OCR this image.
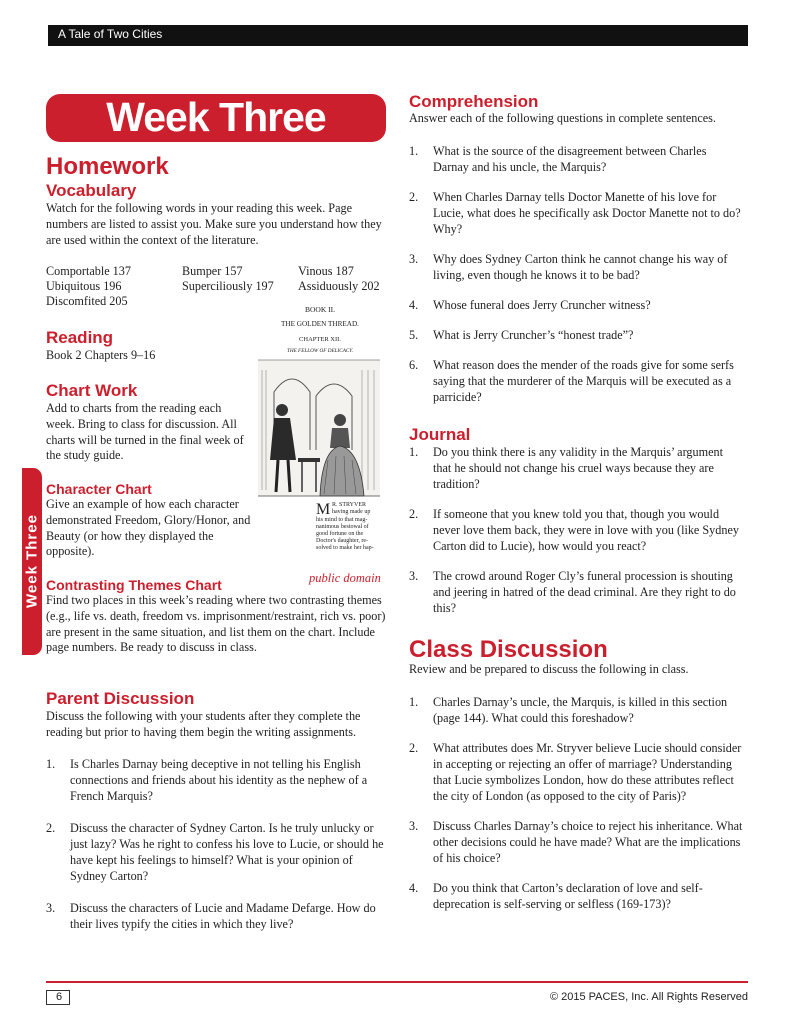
A Tale of Two Cities
Week Three
Week Three
Homework
Vocabulary
Watch for the following words in your reading this week. Page numbers are listed to assist you. Make sure you understand how they are used within the context of the literature.
Comportable 137	Bumper 157	Vinous 187
Ubiquitous 196	Superciliously 197 Assiduously 202
Discomfited 205
Reading
Book 2 Chapters 9–16
Chart Work
Add to charts from the reading each week. Bring to class for discussion. All charts will be turned in the final week of the study guide.
Character Chart
Give an example of how each character demonstrated Freedom, Glory/Honor, and Beauty (or how they displayed the opposite).
Contrasting Themes Chart
Find two places in this week’s reading where two contrasting themes (e.g., life vs. death, freedom vs. imprisonment/restraint, rich vs. poor) are present in the same situation, and list them on the chart. Include page numbers. Be ready to discuss in class.
Parent Discussion
Discuss the following with your students after they complete the reading but prior to having them begin the writing assignments.
1. Is Charles Darnay being deceptive in not telling his English connections and friends about his identity as the nephew of a French Marquis?
2. Discuss the character of Sydney Carton. Is he truly unlucky or just lazy? Was he right to confess his love to Lucie, or should he have kept his feelings to himself? What is your opinion of Sydney Carton?
3. Discuss the characters of Lucie and Madame Defarge. How do their lives typify the cities in which they live?
BOOK II.
THE GOLDEN THREAD.
CHAPTER XII.
THE FELLOW OF DELICACY.
M R. STRYVER
having made up
his mind to that mag-
nanimous bestowal of
good fortune on the
Doctor's daughter, re-
solved to make her hap-
public domain
Comprehension
Answer each of the following questions in complete sentences.
1. What is the source of the disagreement between Charles Darnay and his uncle, the Marquis?
2. When Charles Darnay tells Doctor Manette of his love for Lucie, what does he specifically ask Doctor Manette not to do? Why?
3. Why does Sydney Carton think he cannot change his way of living, even though he knows it to be bad?
4. Whose funeral does Jerry Cruncher witness?
5. What is Jerry Cruncher’s “honest trade”?
6. What reason does the mender of the roads give for some serfs saying that the murderer of the Marquis will be executed as a parricide?
Journal
1. Do you think there is any validity in the Marquis’ argument that he should not change his cruel ways because they are tradition?
2. If someone that you knew told you that, though you would never love them back, they were in love with you (like Sydney Carton did to Lucie), how would you react?
3. The crowd around Roger Cly’s funeral procession is shouting and jeering in hatred of the dead criminal. Are they right to do this?
Class Discussion
Review and be prepared to discuss the following in class.
1. Charles Darnay’s uncle, the Marquis, is killed in this section (page 144). What could this foreshadow?
2. What attributes does Mr. Stryver believe Lucie should consider in accepting or rejecting an offer of marriage? Understanding that Lucie symbolizes London, how do these attributes reflect the city of London (as opposed to the city of Paris)?
3. Discuss Charles Darnay’s choice to reject his inheritance. What other decisions could he have made? What are the implications of his choice?
4. Do you think that Carton’s declaration of love and self-deprecation is self-serving or selfless (169-173)?
6	© 2015 PACES, Inc. All Rights Reserved
